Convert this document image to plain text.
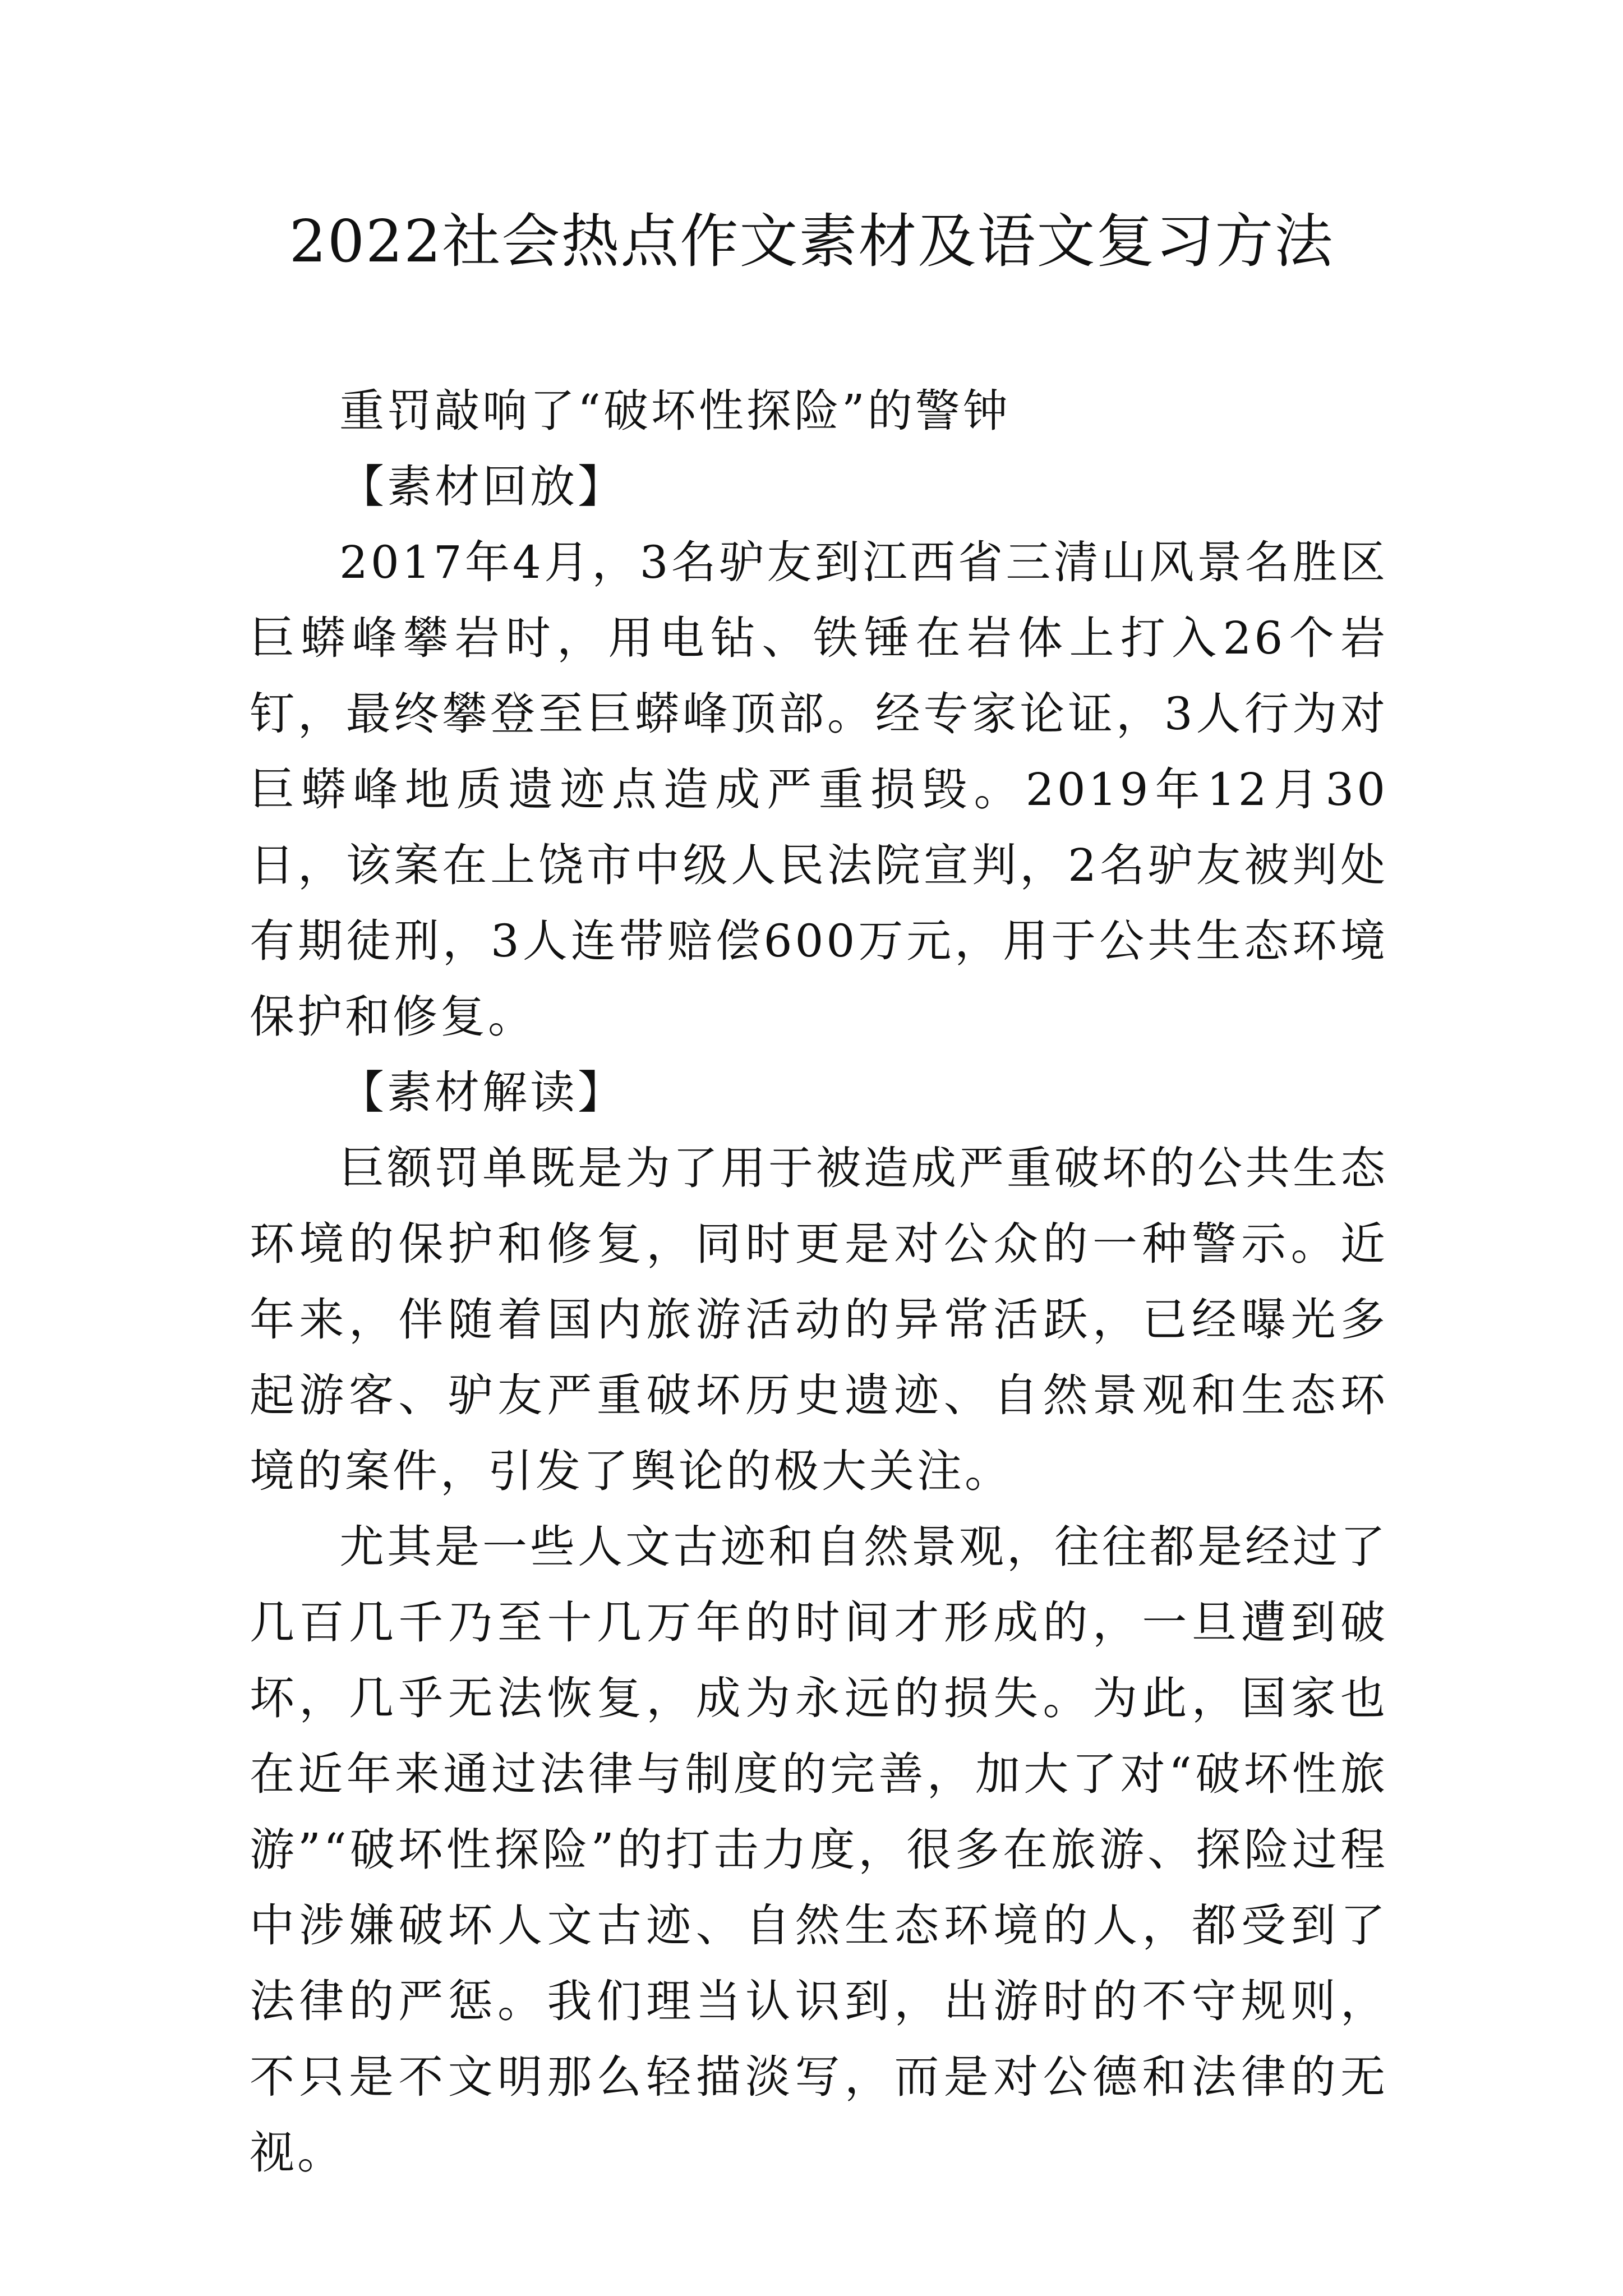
2022社会热点作文素材及语文复习方法

重罚敲响了“破坏性探险”的警钟

【素材回放】

2017年4月，3名驴友到江西省三清山风景名胜区巨蟒峰攀岩时，用电钻、铁锤在岩体上打入26个岩钉，最终攀登至巨蟒峰顶部。经专家论证，3人行为对巨蟒峰地质遗迹点造成严重损毁。2019年12月30日，该案在上饶市中级人民法院宣判，2名驴友被判处有期徒刑，3人连带赔偿600万元，用于公共生态环境保护和修复。

【素材解读】

巨额罚单既是为了用于被造成严重破坏的公共生态环境的保护和修复，同时更是对公众的一种警示。近年来，伴随着国内旅游活动的异常活跃，已经曝光多起游客、驴友严重破坏历史遗迹、自然景观和生态环境的案件，引发了舆论的极大关注。

尤其是一些人文古迹和自然景观，往往都是经过了几百几千乃至十几万年的时间才形成的，一旦遭到破坏，几乎无法恢复，成为永远的损失。为此，国家也在近年来通过法律与制度的完善，加大了对“破坏性旅游”“破坏性探险”的打击力度，很多在旅游、探险过程中涉嫌破坏人文古迹、自然生态环境的人，都受到了法律的严惩。我们理当认识到，出游时的不守规则，不只是不文明那么轻描淡写，而是对公德和法律的无视。
